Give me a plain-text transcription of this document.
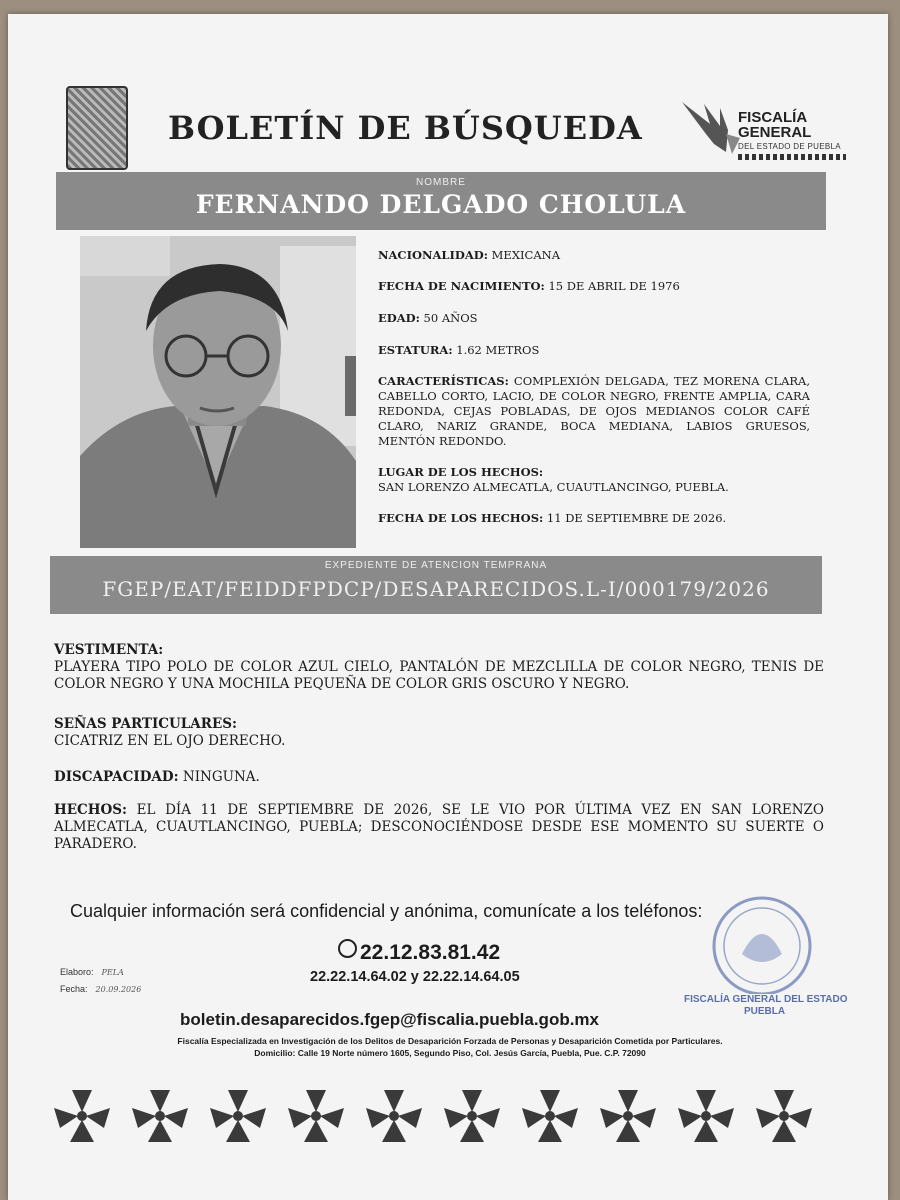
BOLETÍN DE BÚSQUEDA	FISCALÍA
GENERAL
DEL ESTADO DE PUEBLA
NOMBRE
FERNANDO DELGADO CHOLULA
NACIONALIDAD: MEXICANA
FECHA DE NACIMIENTO: 15 DE ABRIL DE 1976
EDAD: 50 AÑOS
ESTATURA: 1.62 METROS
CARACTERÍSTICAS: COMPLEXIÓN DELGADA, TEZ MORENA CLARA, CABELLO CORTO, LACIO, DE COLOR NEGRO, FRENTE AMPLIA, CARA REDONDA, CEJAS POBLADAS, DE OJOS MEDIANOS COLOR CAFÉ CLARO, NARIZ GRANDE, BOCA MEDIANA, LABIOS GRUESOS, MENTÓN REDONDO.
LUGAR DE LOS HECHOS:
SAN LORENZO ALMECATLA, CUAUTLANCINGO, PUEBLA.
FECHA DE LOS HECHOS: 11 DE SEPTIEMBRE DE 2026.
EXPEDIENTE DE ATENCION TEMPRANA
FGEP/EAT/FEIDDFPDCP/DESAPARECIDOS.L-I/000179/2026
VESTIMENTA:
PLAYERA TIPO POLO DE COLOR AZUL CIELO, PANTALÓN DE MEZCLILLA DE COLOR NEGRO, TENIS DE COLOR NEGRO Y UNA MOCHILA PEQUEÑA DE COLOR GRIS OSCURO Y NEGRO.
SEÑAS PARTICULARES:
CICATRIZ EN EL OJO DERECHO.
DISCAPACIDAD: NINGUNA.
HECHOS: EL DÍA 11 DE SEPTIEMBRE DE 2026, SE LE VIO POR ÚLTIMA VEZ EN SAN LORENZO ALMECATLA, CUAUTLANCINGO, PUEBLA; DESCONOCIÉNDOSE DESDE ESE MOMENTO SU SUERTE O PARADERO.
Cualquier información será confidencial y anónima, comunícate a los teléfonos:
22.12.83.81.42
22.22.14.64.02 y 22.22.14.64.05
Elaboro: PELA
Fecha: 20.09.2026
boletin.desaparecidos.fgep@fiscalia.puebla.gob.mx
Fiscalía Especializada en Investigación de los Delitos de Desaparición Forzada de Personas y Desaparición Cometida por Particulares.
Domicilio: Calle 19 Norte número 1605, Segundo Piso, Col. Jesús García, Puebla, Pue. C.P. 72090
FISCALÍA GENERAL DEL ESTADO
PUEBLA
